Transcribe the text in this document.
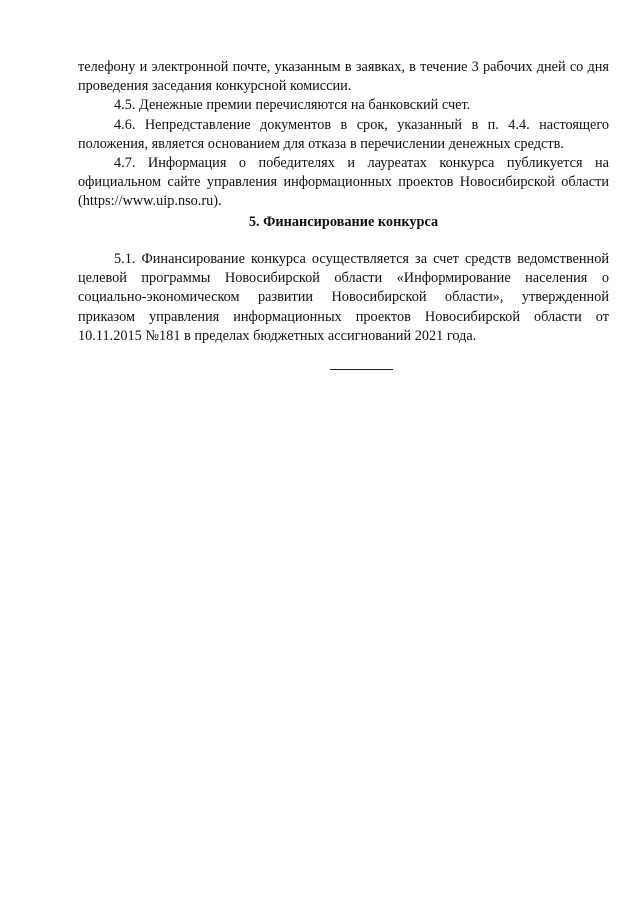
телефону и электронной почте, указанным в заявках, в течение 3 рабочих дней со дня проведения заседания конкурсной комиссии.

4.5. Денежные премии перечисляются на банковский счет.

4.6. Непредставление документов в срок, указанный в п. 4.4. настоящего положения, является основанием для отказа в перечислении денежных средств.

4.7. Информация о победителях и лауреатах конкурса публикуется на официальном сайте управления информационных проектов Новосибирской области (https://www.uip.nso.ru).

5. Финансирование конкурса

5.1. Финансирование конкурса осуществляется за счет средств ведомственной целевой программы Новосибирской области «Информирование населения о социально-экономическом развитии Новосибирской области», утвержденной приказом управления информационных проектов Новосибирской области от 10.11.2015 №181 в пределах бюджетных ассигнований 2021 года.
